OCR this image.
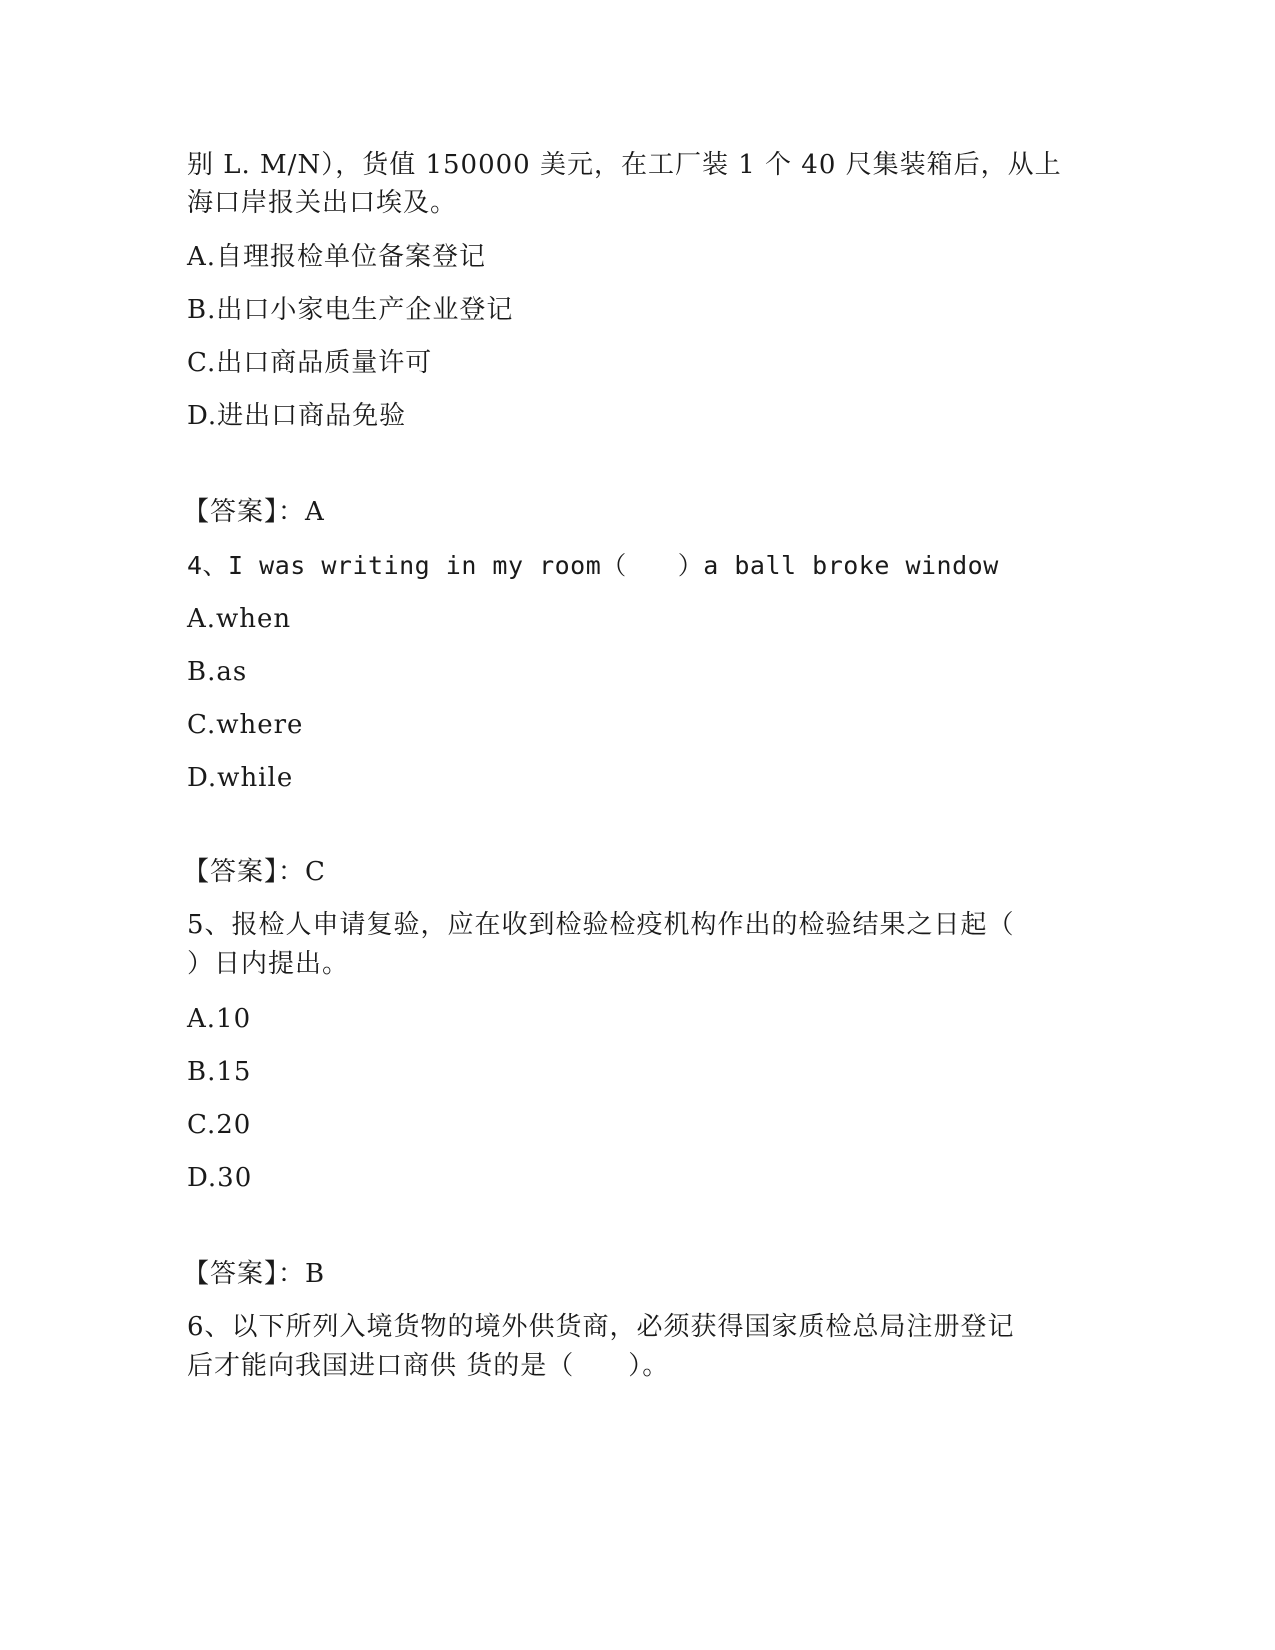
别 L. M/N），货值 150000 美元，在工厂装 1 个 40 尺集装箱后，从上
海口岸报关出口埃及。
A.自理报检单位备案登记
B.出口小家电生产企业登记
C.出口商品质量许可
D.进出口商品免验
【答案】：A
4、I was writing in my room（　　）a ball broke window
A.when
B.as
C.where
D.while
【答案】：C
5、报检人申请复验，应在收到检验检疫机构作出的检验结果之日起（
）日内提出。
A.10
B.15
C.20
D.30
【答案】：B
6、以下所列入境货物的境外供货商，必须获得国家质检总局注册登记
后才能向我国进口商供 货的是（　　）。
